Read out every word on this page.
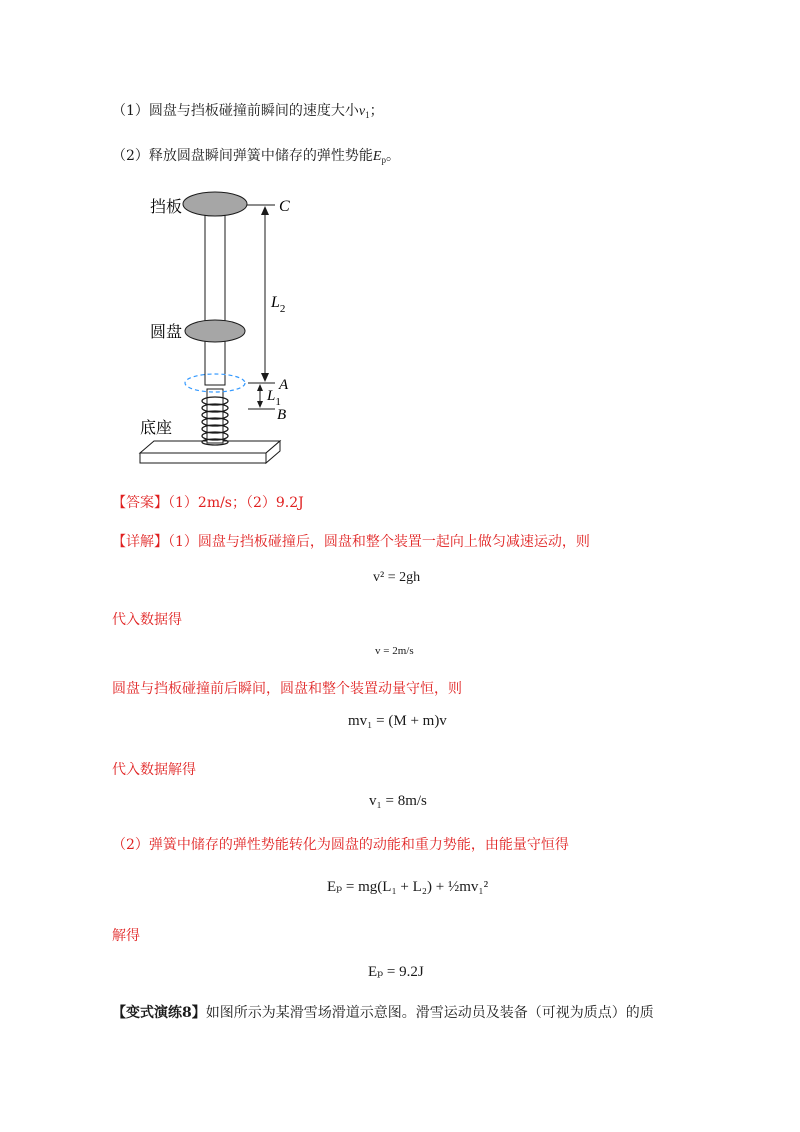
（1）圆盘与挡板碰撞前瞬间的速度大小$v_1$；
（2）释放圆盘瞬间弹簧中储存的弹性势能$E_p$。
挡板
圆盘
底座
C
A
B
$L_2$
$L_1$
【答案】（1）2m/s；（2）9.2J
【详解】（1）圆盘与挡板碰撞后，圆盘和整个装置一起向上做匀减速运动，则
v² = 2gh
代入数据得
v = 2m/s
圆盘与挡板碰撞前后瞬间，圆盘和整个装置动量守恒，则
mv₁ = (M + m)v
代入数据解得
v₁ = 8m/s
（2）弹簧中储存的弹性势能转化为圆盘的动能和重力势能，由能量守恒得
Eₚ = mg(L₁ + L₂) + ½mv₁²
解得
Eₚ = 9.2J
【变式演练8】如图所示为某滑雪场滑道示意图。滑雪运动员及装备（可视为质点）的质
